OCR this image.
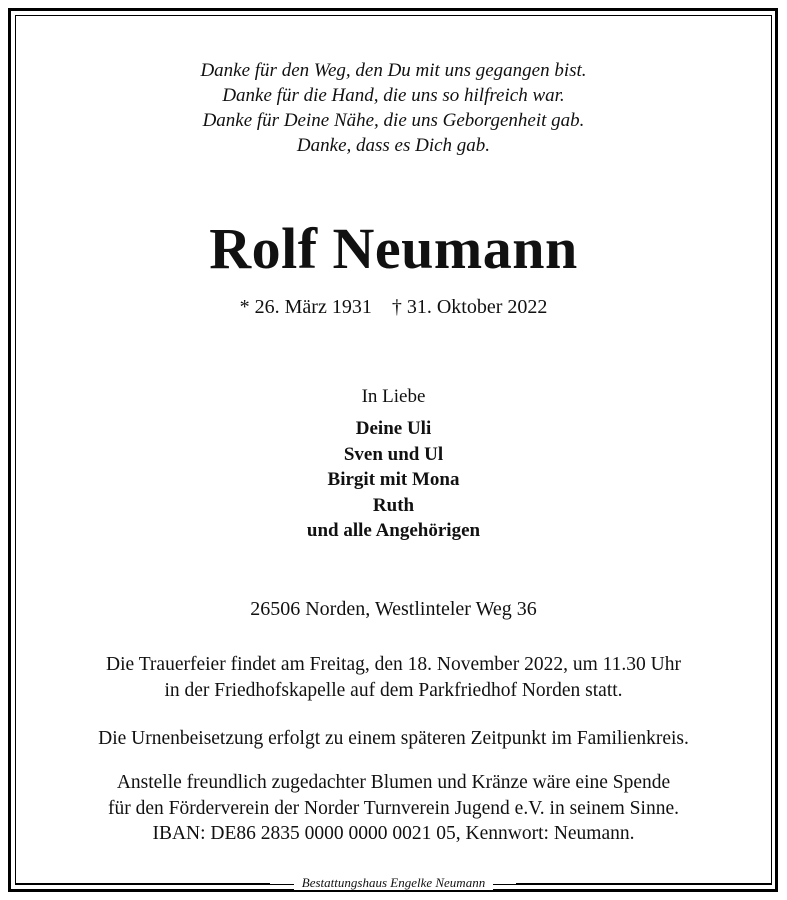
Danke für den Weg, den Du mit uns gegangen bist.
Danke für die Hand, die uns so hilfreich war.
Danke für Deine Nähe, die uns Geborgenheit gab.
Danke, dass es Dich gab.
Rolf Neumann
* 26. März 1931 † 31. Oktober 2022
In Liebe
Deine Uli
Sven und Ul
Birgit mit Mona
Ruth
und alle Angehörigen
26506 Norden, Westlinteler Weg 36
Die Trauerfeier findet am Freitag, den 18. November 2022, um 11.30 Uhr
in der Friedhofskapelle auf dem Parkfriedhof Norden statt.
Die Urnenbeisetzung erfolgt zu einem späteren Zeitpunkt im Familienkreis.
Anstelle freundlich zugedachter Blumen und Kränze wäre eine Spende
für den Förderverein der Norder Turnverein Jugend e.V. in seinem Sinne.
IBAN: DE86 2835 0000 0000 0021 05, Kennwort: Neumann.
Bestattungshaus Engelke Neumann
